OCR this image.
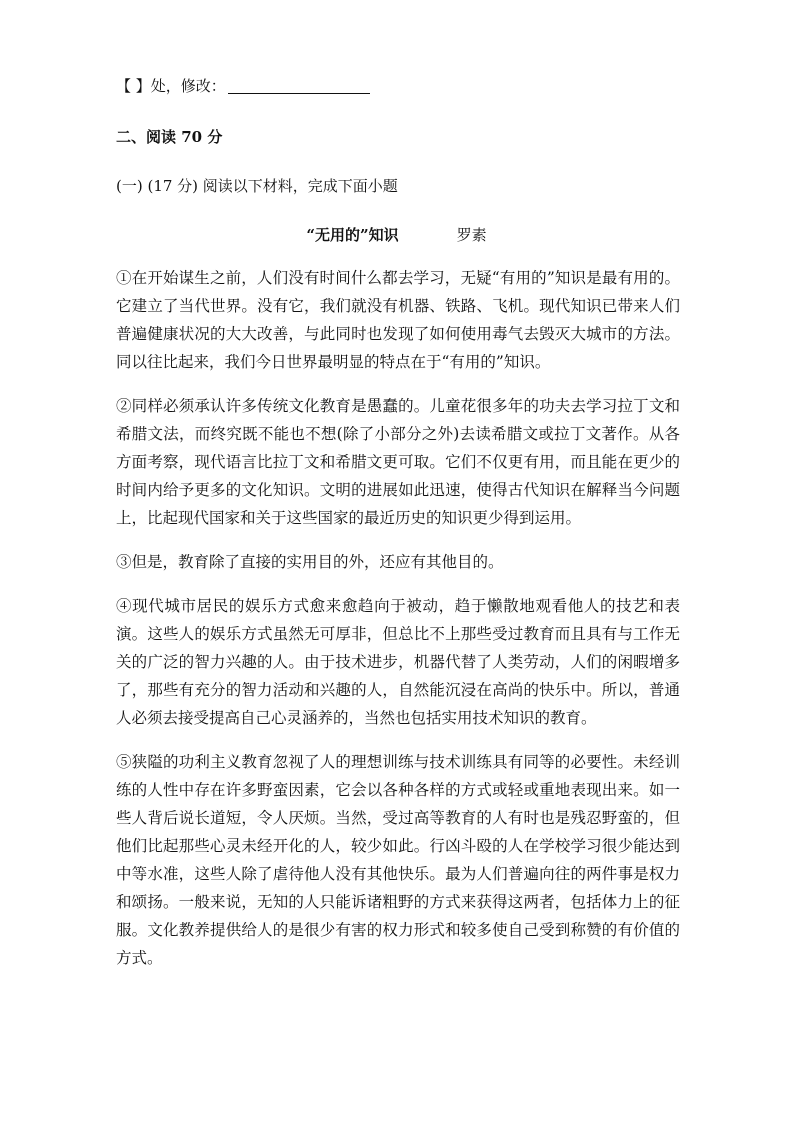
【 】处，修改：
二、阅读 70 分
(一) (17 分) 阅读以下材料，完成下面小题
“无用的”知识	罗素

①在开始谋生之前，人们没有时间什么都去学习，无疑“有用的”知识是最有用的。它建立了当代世界。没有它，我们就没有机器、铁路、飞机。现代知识已带来人们普遍健康状况的大大改善，与此同时也发现了如何使用毒气去毁灭大城市的方法。同以往比起来，我们今日世界最明显的特点在于“有用的”知识。

②同样必须承认许多传统文化教育是愚蠢的。儿童花很多年的功夫去学习拉丁文和希腊文法，而终究既不能也不想(除了小部分之外)去读希腊文或拉丁文著作。从各方面考察，现代语言比拉丁文和希腊文更可取。它们不仅更有用，而且能在更少的时间内给予更多的文化知识。文明的进展如此迅速，使得古代知识在解释当今问题上，比起现代国家和关于这些国家的最近历史的知识更少得到运用。

③但是，教育除了直接的实用目的外，还应有其他目的。

④现代城市居民的娱乐方式愈来愈趋向于被动，趋于懒散地观看他人的技艺和表演。这些人的娱乐方式虽然无可厚非，但总比不上那些受过教育而且具有与工作无关的广泛的智力兴趣的人。由于技术进步，机器代替了人类劳动，人们的闲暇增多了，那些有充分的智力活动和兴趣的人，自然能沉浸在高尚的快乐中。所以，普通人必须去接受提高自己心灵涵养的，当然也包括实用技术知识的教育。

⑤狭隘的功利主义教育忽视了人的理想训练与技术训练具有同等的必要性。未经训练的人性中存在许多野蛮因素，它会以各种各样的方式或轻或重地表现出来。如一些人背后说长道短，令人厌烦。当然，受过高等教育的人有时也是残忍野蛮的，但他们比起那些心灵未经开化的人，较少如此。行凶斗殴的人在学校学习很少能达到中等水准，这些人除了虐待他人没有其他快乐。最为人们普遍向往的两件事是权力和颂扬。一般来说，无知的人只能诉诸粗野的方式来获得这两者，包括体力上的征服。文化教养提供给人的是很少有害的权力形式和较多使自己受到称赞的有价值的方式。
